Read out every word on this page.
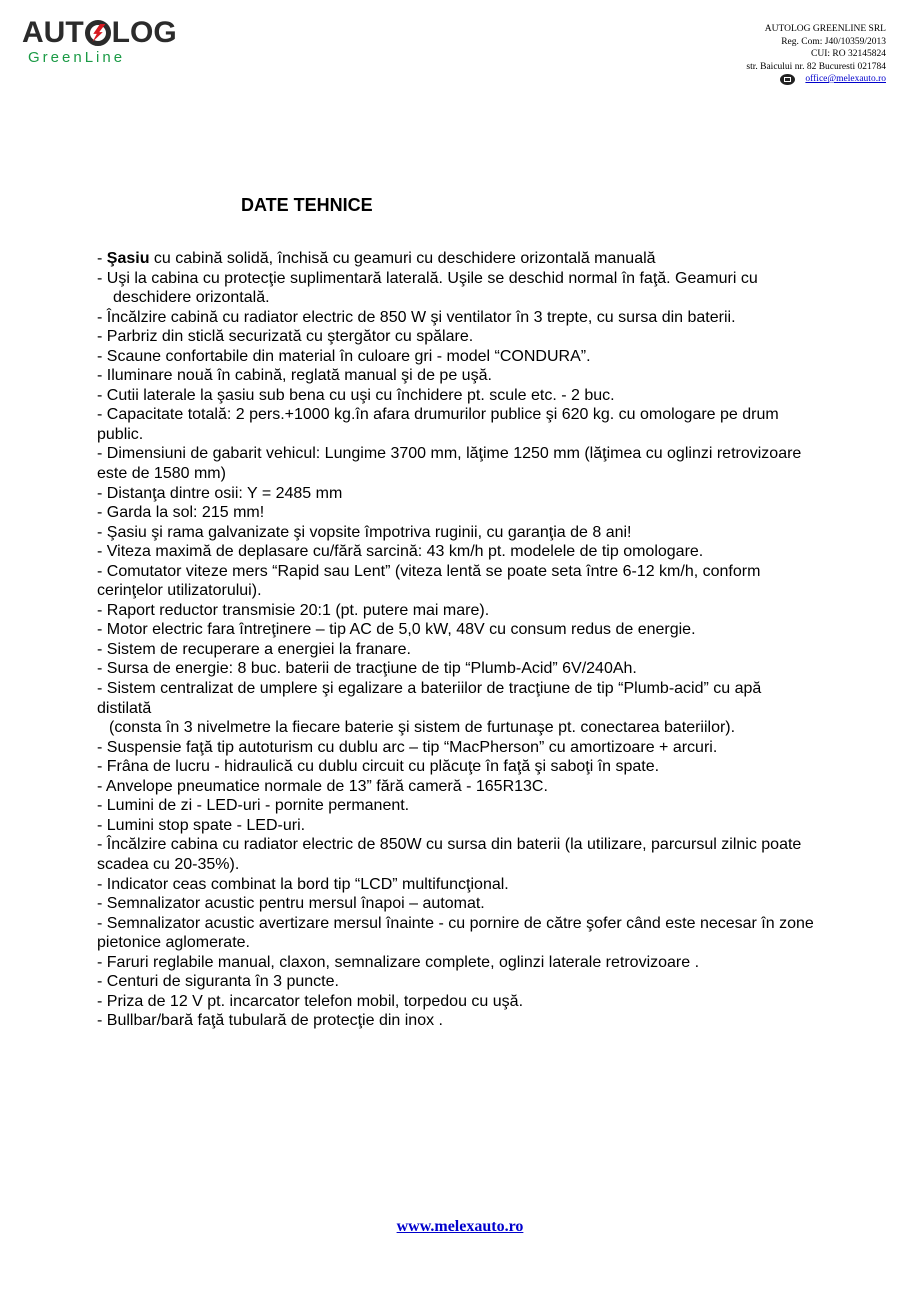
AUT LOG
GreenLine
AUTOLOG GREENLINE SRL
Reg. Com: J40/10359/2013
CUI: RO 32145824
str. Baicului nr. 82 Bucuresti 021784
office@melexauto.ro
DATE TEHNICE
- Şasiu cu cabină solidă, închisă cu geamuri cu deschidere orizontală manuală
- Uşi la cabina cu protecţie suplimentară laterală. Uşile se deschid normal în faţă. Geamuri cu
deschidere orizontală.
- Încălzire cabină cu radiator electric de 850 W şi ventilator în 3 trepte, cu sursa din baterii.
- Parbriz din sticlă securizată cu ştergător cu spălare.
- Scaune confortabile din material în culoare gri - model “CONDURA”.
- Iluminare nouă în cabină, reglată manual şi de pe uşă.
- Cutii laterale la şasiu sub bena cu uşi cu închidere pt. scule etc. - 2 buc.
- Capacitate totală: 2 pers.+1000 kg.în afara drumurilor publice şi 620 kg. cu omologare pe drum
public.
- Dimensiuni de gabarit vehicul: Lungime 3700 mm, lăţime 1250 mm (lăţimea cu oglinzi retrovizoare
este de 1580 mm)
- Distanţa dintre osii: Y = 2485 mm
- Garda la sol: 215 mm!
- Şasiu şi rama galvanizate şi vopsite împotriva ruginii, cu garanţia de 8 ani!
- Viteza maximă de deplasare cu/fără sarcină: 43 km/h pt. modelele de tip omologare.
- Comutator viteze mers “Rapid sau Lent” (viteza lentă se poate seta între 6-12 km/h, conform
cerinţelor utilizatorului).
- Raport reductor transmisie 20:1 (pt. putere mai mare).
- Motor electric fara întreţinere – tip AC de 5,0 kW, 48V cu consum redus de energie.
- Sistem de recuperare a energiei la franare.
- Sursa de energie: 8 buc. baterii de tracţiune de tip “Plumb-Acid” 6V/240Ah.
- Sistem centralizat de umplere şi egalizare a bateriilor de tracţiune de tip “Plumb-acid” cu apă
distilată
(consta în 3 nivelmetre la fiecare baterie şi sistem de furtunaşe pt. conectarea bateriilor).
- Suspensie faţă tip autoturism cu dublu arc – tip “MacPherson” cu amortizoare + arcuri.
- Frâna de lucru - hidraulică cu dublu circuit cu plăcuţe în faţă şi saboţi în spate.
- Anvelope pneumatice normale de 13” fără cameră - 165R13C.
- Lumini de zi - LED-uri - pornite permanent.
- Lumini stop spate - LED-uri.
- Încălzire cabina cu radiator electric de 850W cu sursa din baterii (la utilizare, parcursul zilnic poate
scadea cu 20-35%).
- Indicator ceas combinat la bord tip “LCD” multifuncţional.
- Semnalizator acustic pentru mersul înapoi – automat.
- Semnalizator acustic avertizare mersul înainte - cu pornire de către şofer când este necesar în zone
pietonice aglomerate.
- Faruri reglabile manual, claxon, semnalizare complete, oglinzi laterale retrovizoare .
- Centuri de siguranta în 3 puncte.
- Priza de 12 V pt. incarcator telefon mobil, torpedou cu uşă.
- Bullbar/bară faţă tubulară de protecţie din inox .
www.melexauto.ro
